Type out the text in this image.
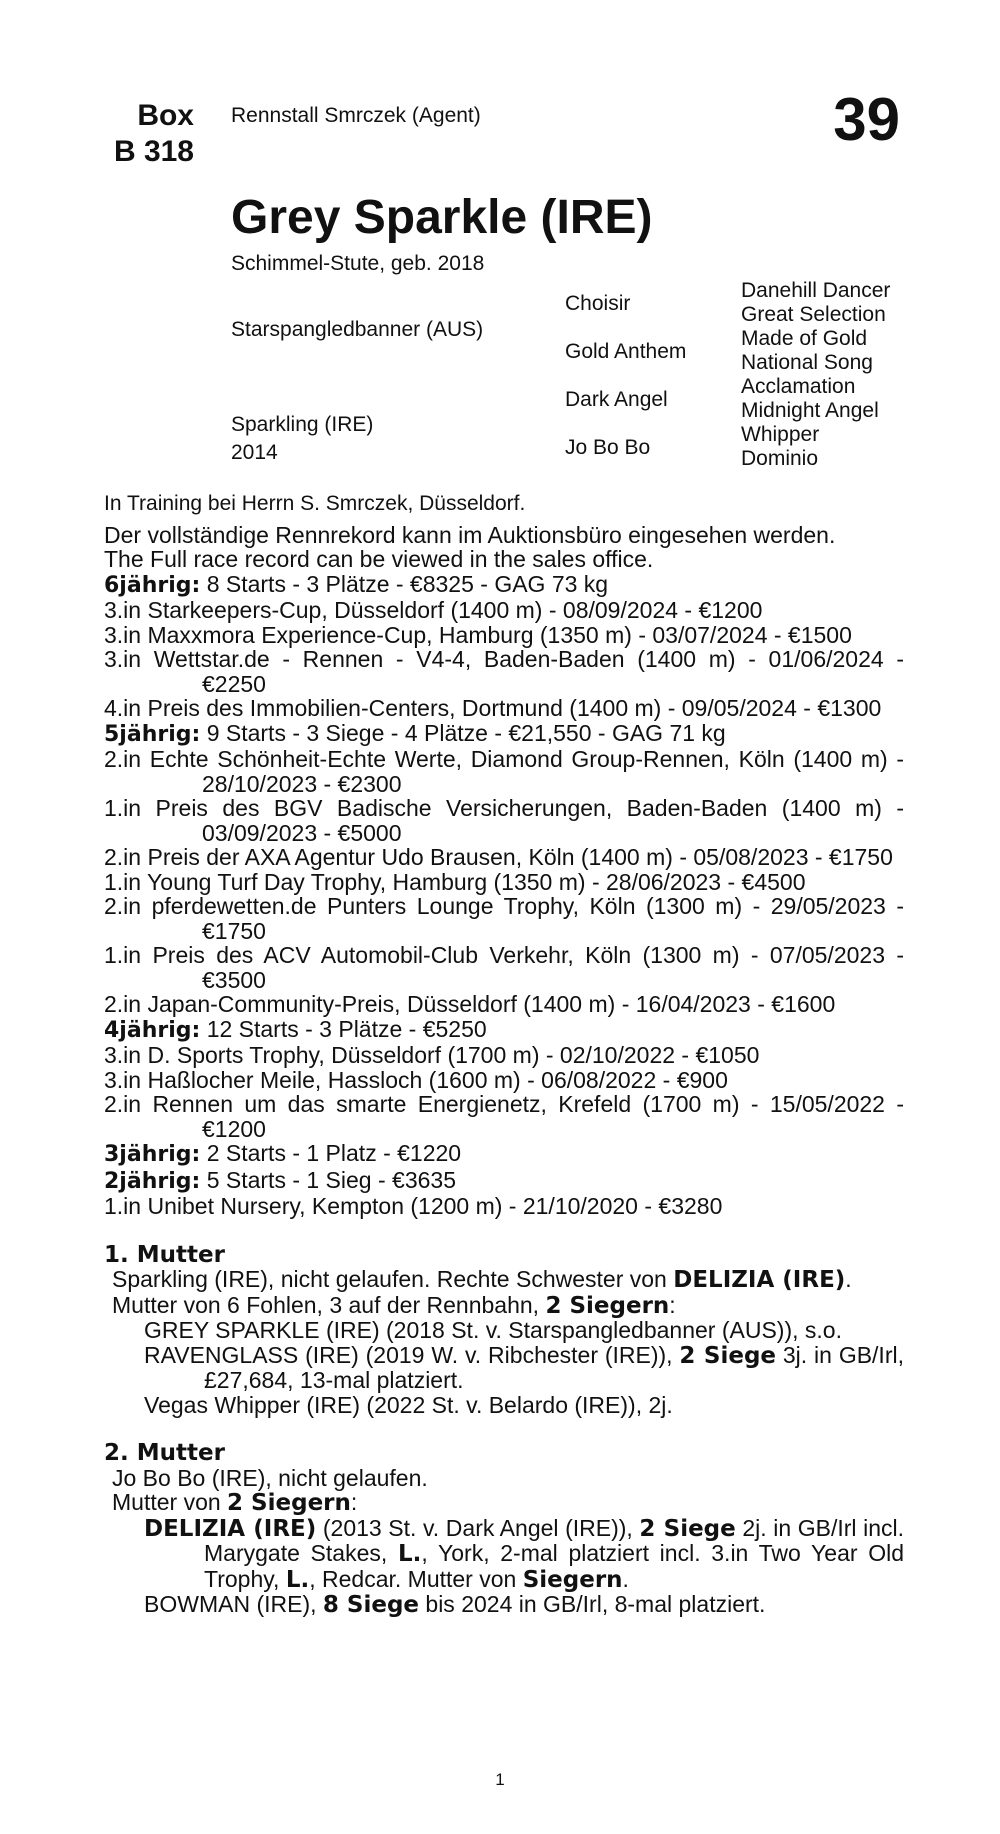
Box
B 318
Rennstall Smrczek (Agent)	39
Grey Sparkle (IRE)
Schimmel-Stute, geb. 2018
Starspangledbanner (AUS)
Sparkling (IRE)
2014
Choisir
Gold Anthem
Dark Angel
Jo Bo Bo
Danehill Dancer
Great Selection
Made of Gold
National Song
Acclamation
Midnight Angel
Whipper
Dominio

In Training bei Herrn S. Smrczek, Düsseldorf.

Der vollständige Rennrekord kann im Auktionsbüro eingesehen werden.

The Full race record can be viewed in the sales office.

6jährig: 8 Starts - 3 Plätze - €8325 - GAG 73 kg

3.in Starkeepers-Cup, Düsseldorf (1400 m) - 08/09/2024 - €1200

3.in Maxxmora Experience-Cup, Hamburg (1350 m) - 03/07/2024 - €1500

3.in Wettstar.de - Rennen - V4-4, Baden-Baden (1400 m) - 01/06/2024 - €2250

4.in Preis des Immobilien-Centers, Dortmund (1400 m) - 09/05/2024 - €1300

5jährig: 9 Starts - 3 Siege - 4 Plätze - €21,550 - GAG 71 kg

2.in Echte Schönheit-Echte Werte, Diamond Group-Rennen, Köln (1400 m) - 28/10/2023 - €2300

1.in Preis des BGV Badische Versicherungen, Baden-Baden (1400 m) - 03/09/2023 - €5000

2.in Preis der AXA Agentur Udo Brausen, Köln (1400 m) - 05/08/2023 - €1750

1.in Young Turf Day Trophy, Hamburg (1350 m) - 28/06/2023 - €4500

2.in pferdewetten.de Punters Lounge Trophy, Köln (1300 m) - 29/05/2023 - €1750

1.in Preis des ACV Automobil-Club Verkehr, Köln (1300 m) - 07/05/2023 - €3500

2.in Japan-Community-Preis, Düsseldorf (1400 m) - 16/04/2023 - €1600

4jährig: 12 Starts - 3 Plätze - €5250

3.in D. Sports Trophy, Düsseldorf (1700 m) - 02/10/2022 - €1050

3.in Haßlocher Meile, Hassloch (1600 m) - 06/08/2022 - €900

2.in Rennen um das smarte Energienetz, Krefeld (1700 m) - 15/05/2022 - €1200

3jährig: 2 Starts - 1 Platz - €1220

2jährig: 5 Starts - 1 Sieg - €3635

1.in Unibet Nursery, Kempton (1200 m) - 21/10/2020 - €3280

1. Mutter

Sparkling (IRE), nicht gelaufen. Rechte Schwester von DELIZIA (IRE).

Mutter von 6 Fohlen, 3 auf der Rennbahn, 2 Siegern:

GREY SPARKLE (IRE) (2018 St. v. Starspangledbanner (AUS)), s.o.

RAVENGLASS (IRE) (2019 W. v. Ribchester (IRE)), 2 Siege 3j. in GB/Irl, £27,684, 13-mal platziert.

Vegas Whipper (IRE) (2022 St. v. Belardo (IRE)), 2j.

2. Mutter

Jo Bo Bo (IRE), nicht gelaufen.

Mutter von 2 Siegern:

DELIZIA (IRE) (2013 St. v. Dark Angel (IRE)), 2 Siege 2j. in GB/Irl incl. Marygate Stakes, L., York, 2-mal platziert incl. 3.in Two Year Old Trophy, L., Redcar. Mutter von Siegern.

BOWMAN (IRE), 8 Siege bis 2024 in GB/Irl, 8-mal platziert.

1
